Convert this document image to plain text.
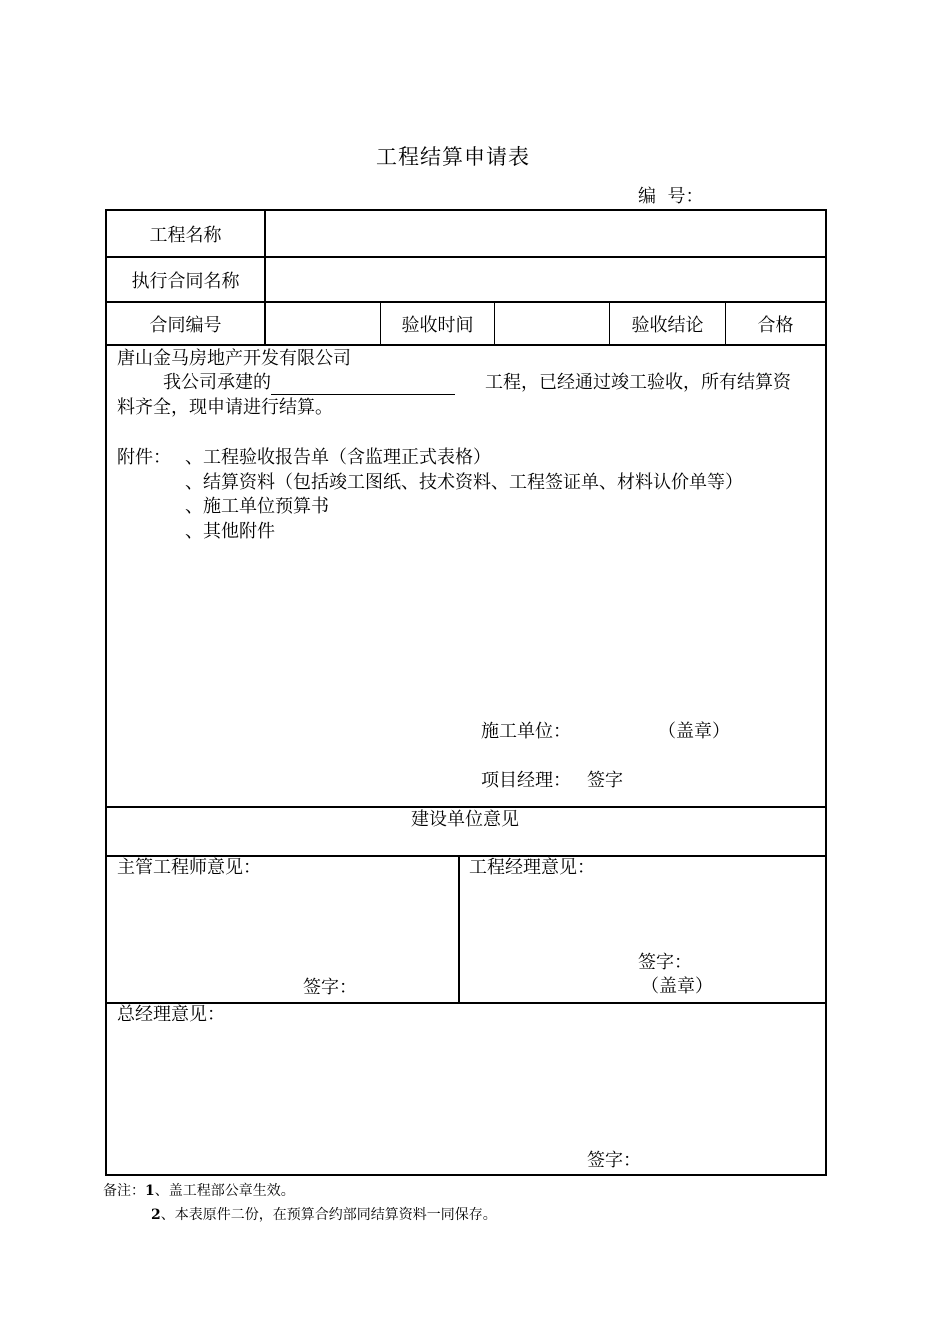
工程结算申请表
编  号：
工程名称
执行合同名称
合同编号	验收时间	验收结论	合格
唐山金马房地产开发有限公司
我公司承建的	工程，已经通过竣工验收，所有结算资
料齐全，现申请进行结算。
附件： 、工程验收报告单（含监理正式表格）
、结算资料（包括竣工图纸、技术资料、工程签证单、材料认价单等）
、施工单位预算书
、其他附件
施工单位：	（盖章）
项目经理： 签字
建设单位意见
主管工程师意见：
签字：
工程经理意见：
签字：
（盖章）
总经理意见：
签字：
备注：1、盖工程部公章生效。
2、本表原件二份，在预算合约部同结算资料一同保存。
